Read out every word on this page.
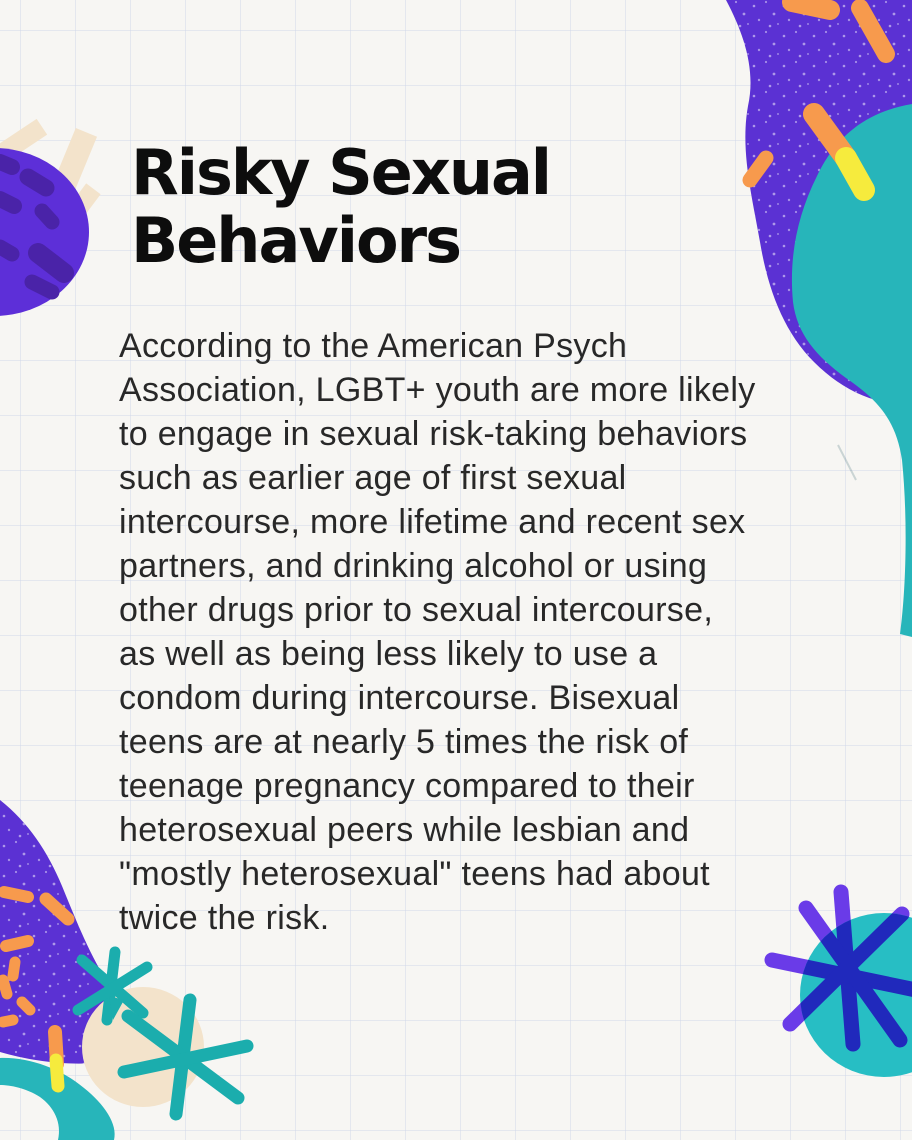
Risky Sexual
Behaviors
According to the American Psych
Association, LGBT+ youth are more likely
to engage in sexual risk-taking behaviors
such as earlier age of first sexual
intercourse, more lifetime and recent sex
partners, and drinking alcohol or using
other drugs prior to sexual intercourse,
as well as being less likely to use a
condom during intercourse. Bisexual
teens are at nearly 5 times the risk of
teenage pregnancy compared to their
heterosexual peers while lesbian and
"mostly heterosexual" teens had about
twice the risk.
